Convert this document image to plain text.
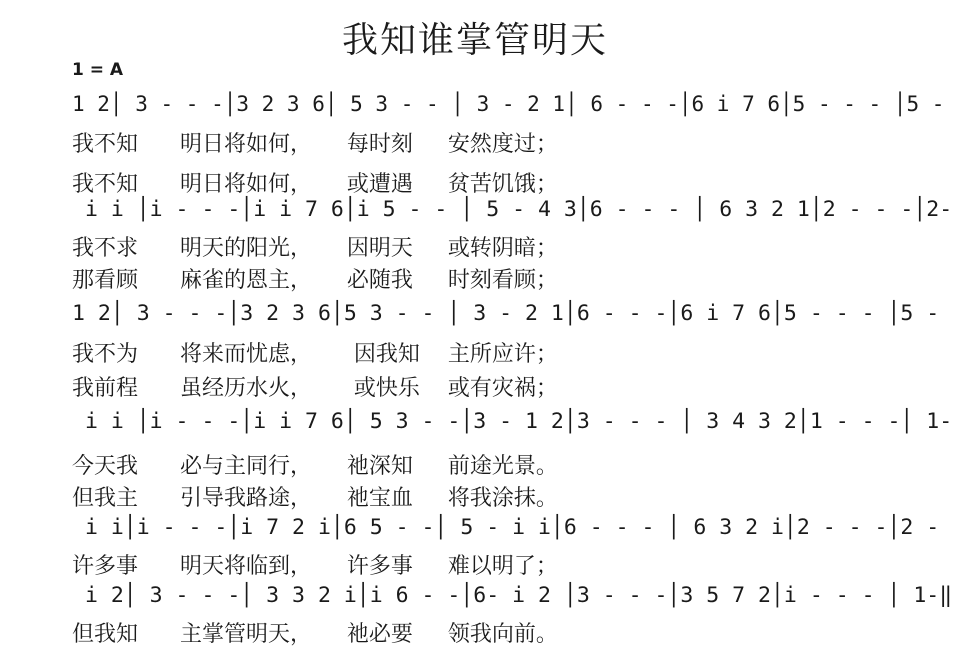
我知谁掌管明天
1 = A
1 2│ 3 - - -│3 2 3 6│ 5 3 - - │ 3 - 2 1│ 6 - - -│6 i 7 6│5 - - - │5 -
我不知      明日将如何，     每时刻     安然度过；
我不知      明日将如何，     或遭遇     贫苦饥饿；
i i │i - - -│i i 7 6│i 5 - - │ 5 - 4 3│6 - - - │ 6 3 2 1│2 - - -│2-
我不求      明天的阳光，     因明天     或转阴暗；
那看顾      麻雀的恩主，     必随我     时刻看顾；
1 2│ 3 - - -│3 2 3 6│5 3 - - │ 3 - 2 1│6 - - -│6 i 7 6│5 - - - │5 -
我不为      将来而忧虑，      因我知    主所应许；
我前程      虽经历水火，      或快乐    或有灾祸；
i i │i - - -│i i 7 6│ 5 3 - -│3 - 1 2│3 - - - │ 3 4 3 2│1 - - -│ 1-
今天我      必与主同行，     祂深知     前途光景。
但我主      引导我路途，     祂宝血     将我涂抹。
i i│i - - -│i 7 2 i│6 5 - -│ 5 - i i│6 - - - │ 6 3 2 i│2 - - -│2 -
许多事      明天将临到，     许多事     难以明了；
i 2│ 3 - - -│ 3 3 2 i│i 6 - -│6- i 2 │3 - - -│3 5 7 2│i - - - │ 1-‖
但我知      主掌管明天，     祂必要     领我向前。
